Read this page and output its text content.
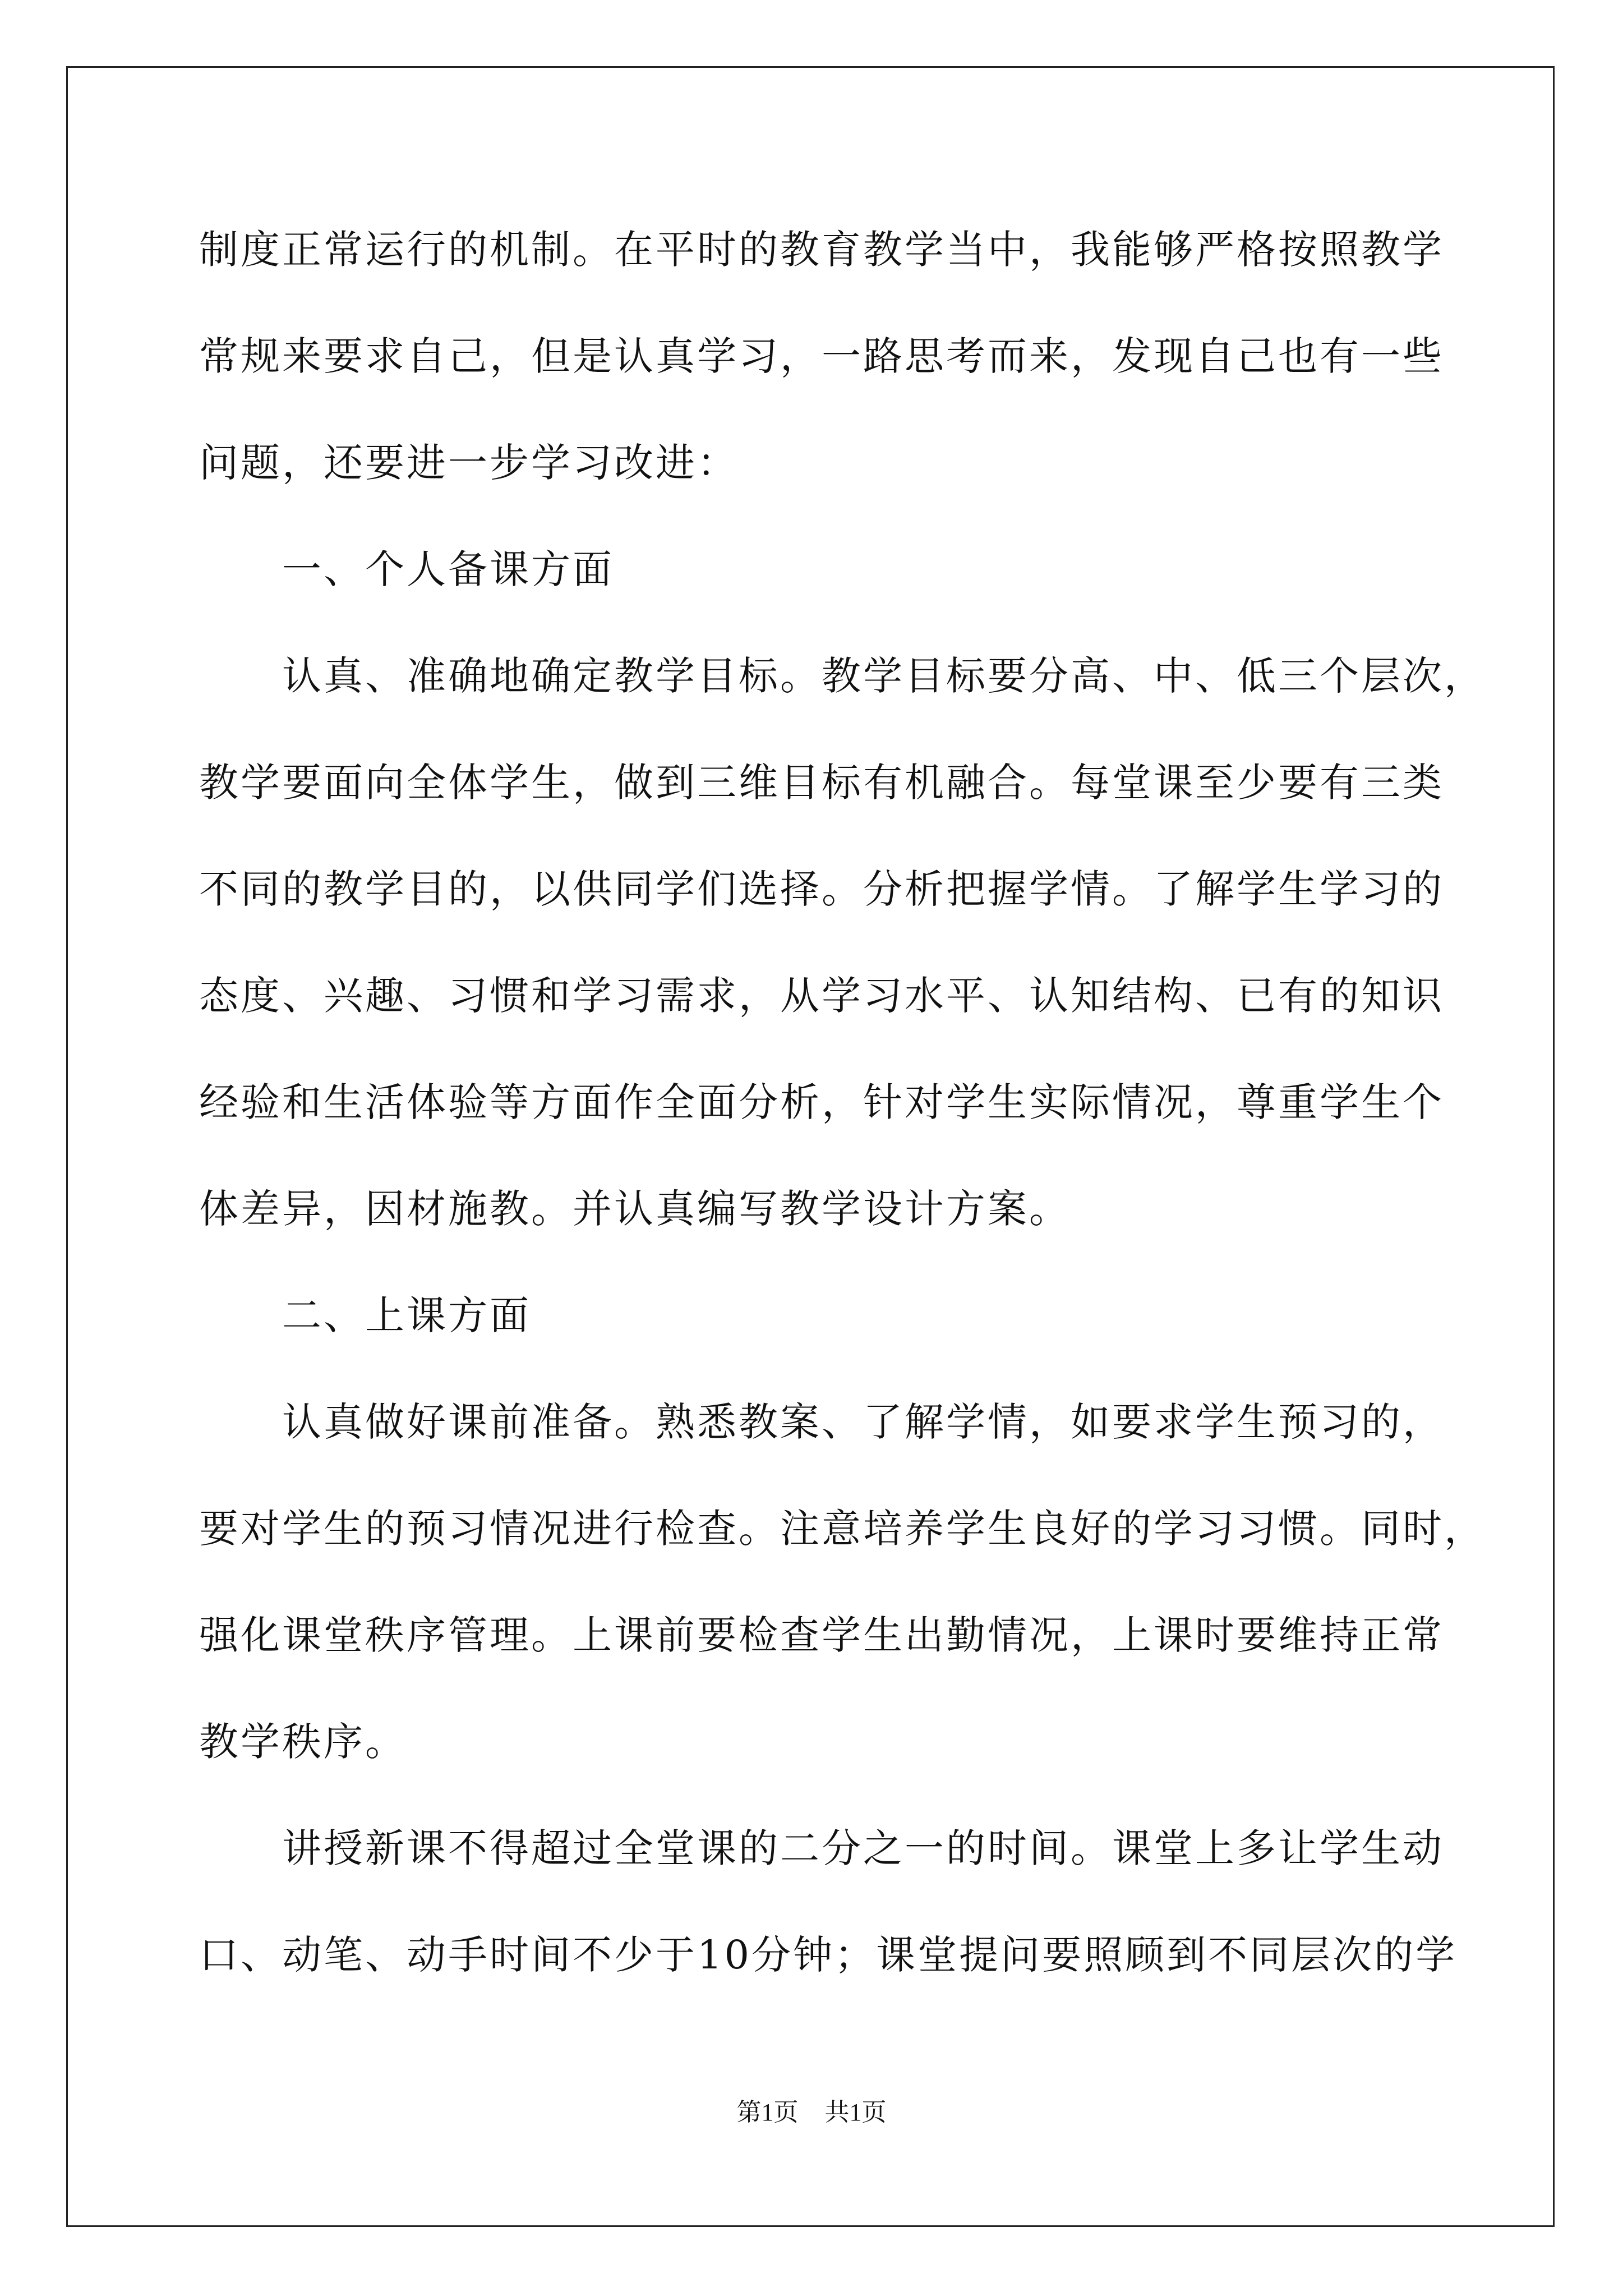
制度正常运行的机制。在平时的教育教学当中，我能够严格按照教学
常规来要求自己，但是认真学习，一路思考而来，发现自己也有一些
问题，还要进一步学习改进：
一、个人备课方面
认真、准确地确定教学目标。教学目标要分高、中、低三个层次，
教学要面向全体学生，做到三维目标有机融合。每堂课至少要有三类
不同的教学目的，以供同学们选择。分析把握学情。了解学生学习的
态度、兴趣、习惯和学习需求，从学习水平、认知结构、已有的知识
经验和生活体验等方面作全面分析，针对学生实际情况，尊重学生个
体差异，因材施教。并认真编写教学设计方案。
二、上课方面
认真做好课前准备。熟悉教案、了解学情，如要求学生预习的，
要对学生的预习情况进行检查。注意培养学生良好的学习习惯。同时，
强化课堂秩序管理。上课前要检查学生出勤情况，上课时要维持正常
教学秩序。
讲授新课不得超过全堂课的二分之一的时间。课堂上多让学生动
口、动笔、动手时间不少于10分钟；课堂提问要照顾到不同层次的学
第1页 共1页
